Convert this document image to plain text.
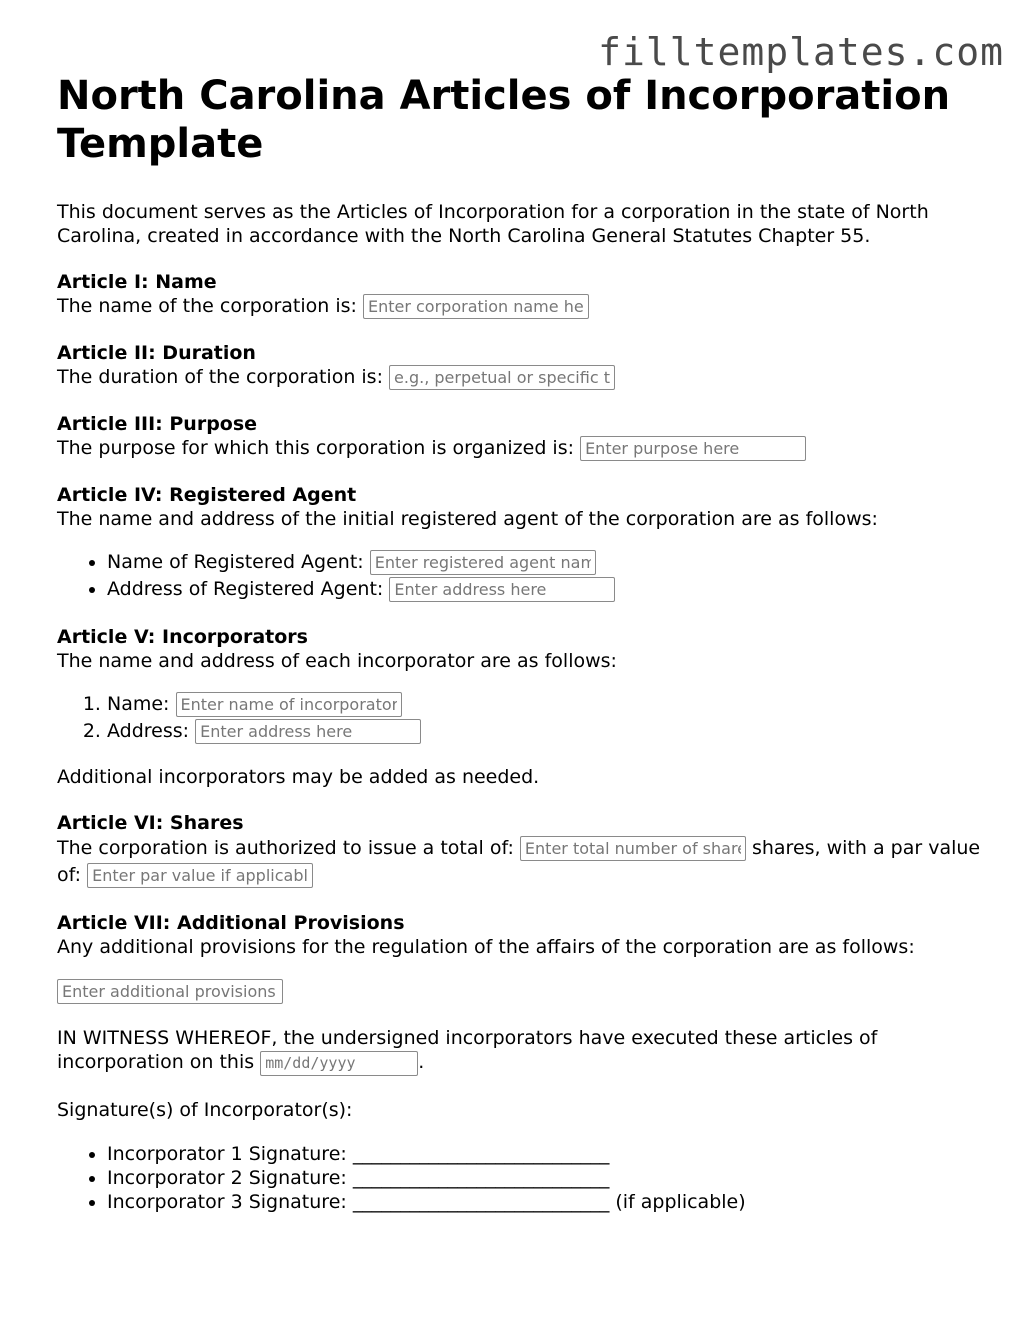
filltemplates.com
North Carolina Articles of Incorporation Template

This document serves as the Articles of Incorporation for a corporation in the state of North Carolina, created in accordance with the North Carolina General Statutes Chapter 55.

Article I: Name

The name of the corporation is: Enter corporation name here

Article II: Duration

The duration of the corporation is: e.g., perpetual or specific term

Article III: Purpose

The purpose for which this corporation is organized is: Enter purpose here

Article IV: Registered Agent

The name and address of the initial registered agent of the corporation are as follows:

• Name of Registered Agent: Enter registered agent name
• Address of Registered Agent: Enter address here
Article V: Incorporators

The name and address of each incorporator are as follows:

1. Name: Enter name of incorporator
2. Address: Enter address here

Additional incorporators may be added as needed.

Article VI: Shares

The corporation is authorized to issue a total of: Enter total number of shares	shares, with a par value of: Enter par value if applicable

Article VII: Additional Provisions

Any additional provisions for the regulation of the affairs of the corporation are as follows:

Enter additional provisions

IN WITNESS WHEREOF, the undersigned incorporators have executed these articles of incorporation on this mm/dd/yyyy	.

Signature(s) of Incorporator(s):

• Incorporator 1 Signature: ___________________________
• Incorporator 2 Signature: ___________________________
• Incorporator 3 Signature: ___________________________ (if applicable)
